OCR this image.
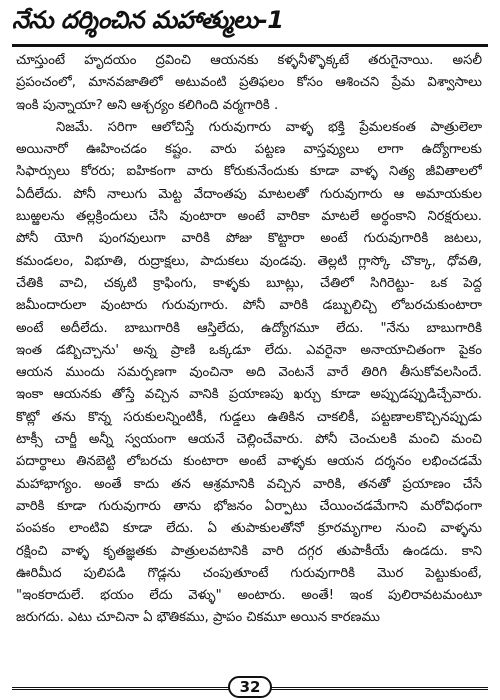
నేను దర్శించిన మహాత్ములు-1
చూస్తుంటే హృదయం ద్రవించి ఆయనకు కళ్ళనీళ్ళొక్కటే తరుగైనాయి. అసలీ
ప్రపంచంలో, మానవజాతిలో అటువంటి ప్రతిఫలం కోసం ఆశించని ప్రేమ విశ్వాసాలు
ఇంకి పున్నాయా? అని ఆశ్చర్యం కలిగింది వర్మగారికి .
నిజమే. సరిగా ఆలోచిస్తే గురువుగారు వాళ్ళ భక్తి ప్రేమలకంత పాత్రులెలా
అయినారో ఊహించడం కష్టం. వారు పట్టణ వాస్తవ్యులు లాగా ఉద్యోగాలకు
సిఫార్సులు కోరరు; ఐహికంగా వారు కోరుకునేందుకు కూడా వాళ్ళ నిత్య జీవితాలలో
ఏదీలేదు. పోనీ నాలుగు మెట్ట వేదాంతపు మాటలతో గురువుగారు ఆ అమాయకుల
బుఱ్ఱలను తల్లక్రిందులు చేసి వుంటారా అంటే వారికా మాటలే అర్థంకాని నిరక్షరులు.
పోనీ యోగి పుంగవులుగా వారికి పోజు కొట్టారా అంటే గురువుగారికి జటలు,
కమండలం, విభూతి, రుద్రాక్షలు, పాదుకలు వుండవు. తెల్లటి గ్లాస్కో చొక్కా, ధోవతి,
చేతికి వాచి, చక్కటి క్రాఫింగు, కాళ్ళకు బూట్లు, చేతిలో సిగిరెట్టు- ఒక పెద్ద
జమీందారులా వుంటారు గురువుగారు. పోనీ వారికి డబ్బులిచ్చి లోబరచుకుంటారా
అంటే అదీలేదు. బాబుగారికి ఆస్తిలేదు, ఉద్యోగమూ లేదు. "నేను బాబుగారికి
ఇంత డబ్బిచ్చాను' అన్న ప్రాణి ఒక్కడూ లేదు. ఎవరైనా అనాయాచితంగా పైకం
ఆయన ముందు సమర్పణగా వుంచినా అది వెంటనే వారే తిరిగి తీసుకోవలసిందే.
ఇంకా ఆయనకు తోస్తే వచ్చిన వానికి ప్రయాణపు ఖర్చు కూడా అప్పుడప్పుడిచ్చేవారు.
కొట్లో తను కొన్న సరుకులన్నింటికీ, గుడ్డలు ఉతికిన చాకలికీ, పట్టణాలకొచ్చినప్పుడు
టాక్సీ చార్జీ అన్నీ స్వయంగా ఆయనే చెల్లించేవారు. పోనీ చెంచులకి మంచి మంచి
పదార్థాలు తినబెట్టి లోబరచు కుంటారా అంటే వాళ్ళకు ఆయన దర్శనం లభించడమే
మహాభాగ్యం. అంతే కాదు తన ఆశ్రమానికి వచ్చిన వారికి, తనతో ప్రయాణం చేసే
వారికి కూడా గురువుగారు తాను భోజనం ఏర్పాటు చేయించడమేగాని మరోవిధంగా
పంపకం లాంటివి కూడా లేదు. ఏ తుపాకులతోనో క్రూరమృగాల నుంచి వాళ్ళను
రక్షించి వాళ్ళ కృతజ్ఞతకు పాత్రులవటానికి వారి దగ్గర తుపాకీయే ఉండదు. కాని
ఊరిమీద పులిపడి గొడ్లను చంపుతూంటే గురువుగారికి మొర పెట్టుకుంటే,
"ఇంకరాదులే. భయం లేదు వెళ్ళు" అంటారు. అంతే! ఇంక పులిరావటమంటూ
జరుగదు. ఎటు చూచినా ఏ భౌతికము, ప్రాపం చికమూ అయిన కారణము
32
